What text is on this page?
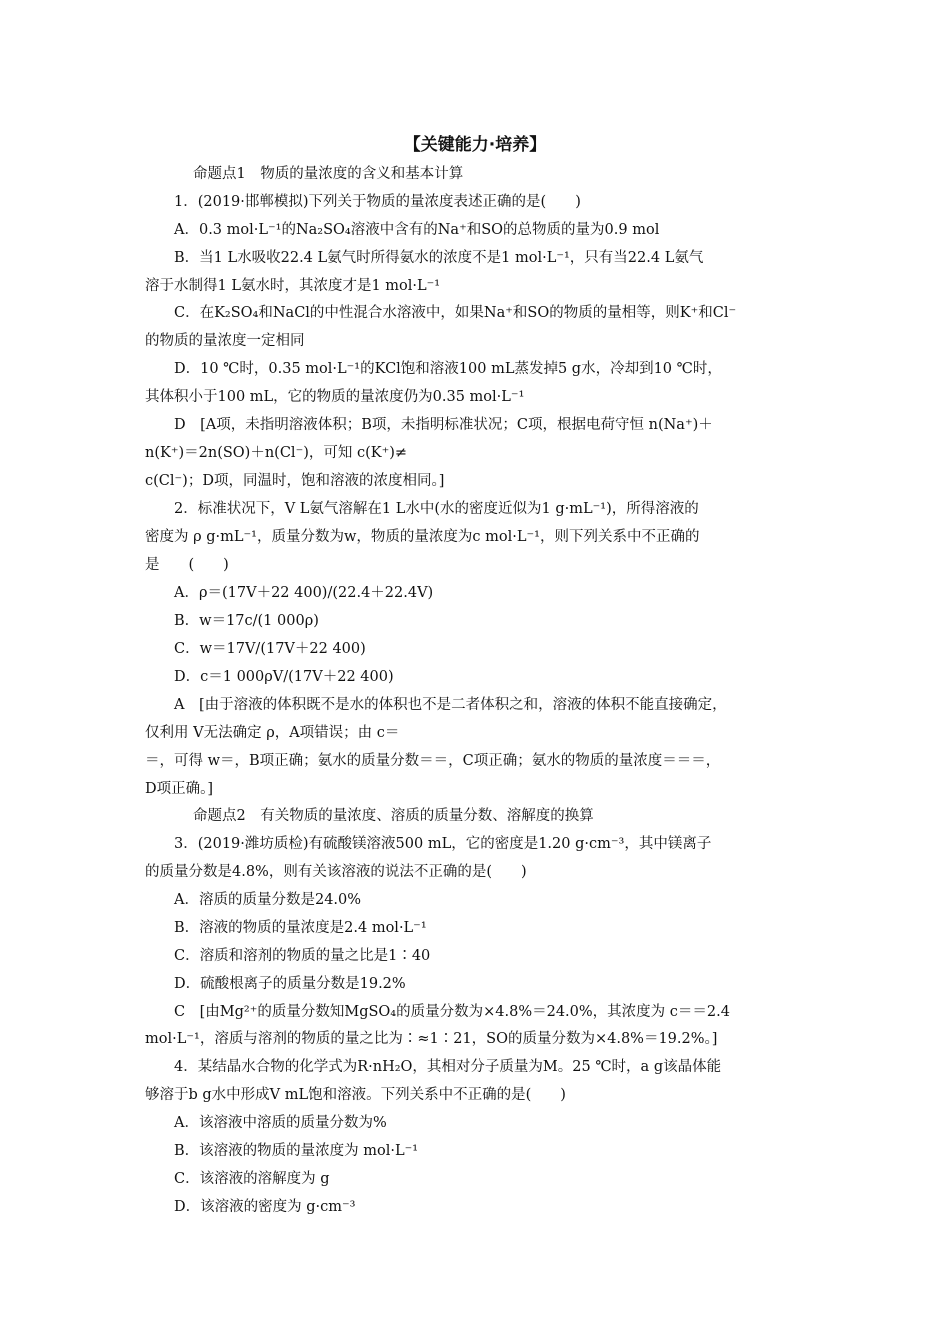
【关键能力·培养】
命题点1　物质的量浓度的含义和基本计算
1．(2019·邯郸模拟)下列关于物质的量浓度表述正确的是(　　)
A．0.3 mol·L⁻¹的Na₂SO₄溶液中含有的Na⁺和SO的总物质的量为0.9 mol
B．当1 L水吸收22.4 L氨气时所得氨水的浓度不是1 mol·L⁻¹，只有当22.4 L氨气
溶于水制得1 L氨水时，其浓度才是1 mol·L⁻¹
C．在K₂SO₄和NaCl的中性混合水溶液中，如果Na⁺和SO的物质的量相等，则K⁺和Cl⁻
的物质的量浓度一定相同
D．10 ℃时，0.35 mol·L⁻¹的KCl饱和溶液100 mL蒸发掉5 g水，冷却到10 ℃时，
其体积小于100 mL，它的物质的量浓度仍为0.35 mol·L⁻¹
D　[A项，未指明溶液体积；B项，未指明标准状况；C项，根据电荷守恒 n(Na⁺)＋
n(K⁺)＝2n(SO)＋n(Cl⁻)，可知 c(K⁺)≠
c(Cl⁻)；D项，同温时，饱和溶液的浓度相同。]
2．标准状况下，V L氨气溶解在1 L水中(水的密度近似为1 g·mL⁻¹)，所得溶液的
密度为 ρ g·mL⁻¹，质量分数为w，物质的量浓度为c mol·L⁻¹，则下列关系中不正确的
是　　(　　)
A．ρ＝(17V＋22 400)/(22.4＋22.4V)
B．w＝17c/(1 000ρ)
C．w＝17V/(17V＋22 400)
D．c＝1 000ρV/(17V＋22 400)
A　[由于溶液的体积既不是水的体积也不是二者体积之和，溶液的体积不能直接确定，
仅利用 V无法确定 ρ，A项错误；由 c＝
＝，可得 w＝，B项正确；氨水的质量分数＝＝，C项正确；氨水的物质的量浓度＝＝＝，
D项正确。]
命题点2　有关物质的量浓度、溶质的质量分数、溶解度的换算
3．(2019·潍坊质检)有硫酸镁溶液500 mL，它的密度是1.20 g·cm⁻³，其中镁离子
的质量分数是4.8%，则有关该溶液的说法不正确的是(　　)
A．溶质的质量分数是24.0%
B．溶液的物质的量浓度是2.4 mol·L⁻¹
C．溶质和溶剂的物质的量之比是1∶40
D．硫酸根离子的质量分数是19.2%
C　[由Mg²⁺的质量分数知MgSO₄的质量分数为×4.8%＝24.0%，其浓度为 c＝＝2.4
mol·L⁻¹，溶质与溶剂的物质的量之比为∶≈1∶21，SO的质量分数为×4.8%＝19.2%。]
4．某结晶水合物的化学式为R·nH₂O，其相对分子质量为M。25 ℃时，a g该晶体能
够溶于b g水中形成V mL饱和溶液。下列关系中不正确的是(　　)
A．该溶液中溶质的质量分数为%
B．该溶液的物质的量浓度为 mol·L⁻¹
C．该溶液的溶解度为 g
D．该溶液的密度为 g·cm⁻³
